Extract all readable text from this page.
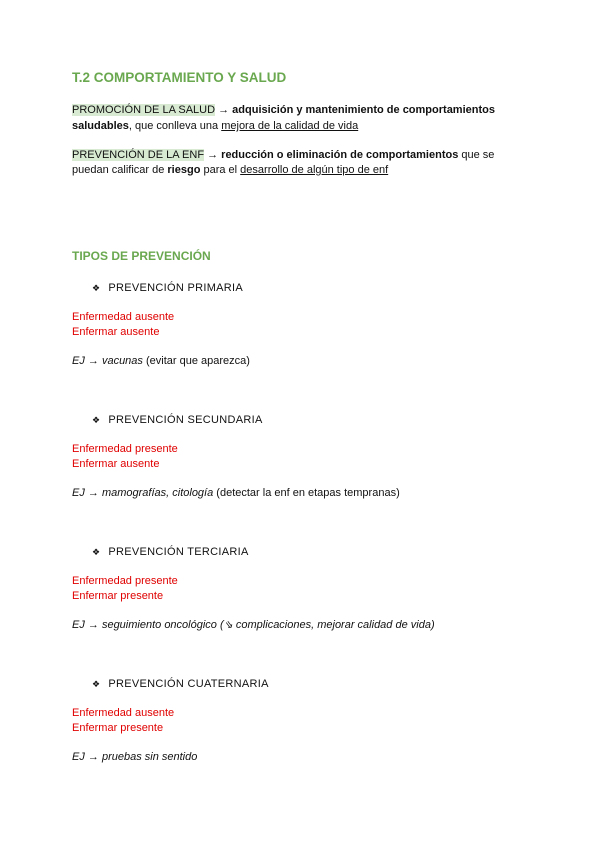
T.2 COMPORTAMIENTO Y SALUD
PROMOCIÓN DE LA SALUD → adquisición y mantenimiento de comportamientos
saludables, que conlleva una mejora de la calidad de vida
PREVENCIÓN DE LA ENF → reducción o eliminación de comportamientos que se
puedan calificar de riesgo para el desarrollo de algún tipo de enf
TIPOS DE PREVENCIÓN
❖ PREVENCIÓN PRIMARIA
Enfermedad ausente
Enfermar ausente
EJ → vacunas (evitar que aparezca)
❖ PREVENCIÓN SECUNDARIA
Enfermedad presente
Enfermar ausente
EJ → mamografías, citología (detectar la enf en etapas tempranas)
❖ PREVENCIÓN TERCIARIA
Enfermedad presente
Enfermar presente
EJ → seguimiento oncológico (⇘ complicaciones, mejorar calidad de vida)
❖ PREVENCIÓN CUATERNARIA
Enfermedad ausente
Enfermar presente
EJ → pruebas sin sentido
